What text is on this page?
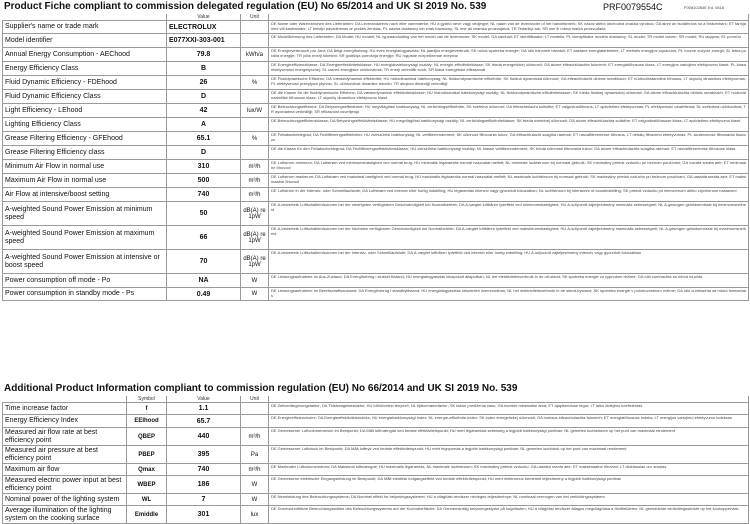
Product Fiche compliant to commission delegated regulation (EU) No 65/2014 and UK SI 2019 No. 539	PRF0079554C	F00810284E Ed. 0618
	Value	Unit	
Supplier's name or trade mark	ELECTROLUX		DE Name oder Warenzeichen des Lieferanten; DA Leverandørens navn eller varemærke; HU a gyártó neve vagy védjegye; NL naam van de leverancier of het handelsmerk; SK názov alebo obchodná značka výrobcu; GA ainm an tsoláthróra nó a thrádmharc; ET tarnija nimi või kaubamärk; LT tiekėjo pavadinimas ar prekės ženklas; PL nazwa dostawcy lub znak towarowy; SL ime ali znamka proizvajalca; TR Tedarikçi adı; SR ime ili robna marka proizvođača
Model identifier	E077XXI-303-001		DE Modellkennung des Lieferanten; DA Model; HU modell; NL typeaanduiding van het model van de leverancier; SK model; GA samhail; ET identifikaator; LT modelis; PL identyfikator modelu dostawcy; SL model; TR model tanımı; SR model; RU модель; EL μοντέλο
Annual Energy Consumption - AEChood	79.8	kWh/a	DE Energieverbrauch pro Jahr; DA årligt energiforbrug; HU éves energiafogyasztás; NL jaarlijks energieverbruik; SK ročná spotreba energie; GA ídiú fuinnimh bliantúil; ET aastane energiatarbimine; LT metinės energijos sąnaudos; PL roczne zużycie energii; SL letna poraba energije; TR yıllık enerji tüketimi; SR godišnja potrošnja energije; RU годовое потребление энергии
Energy Efficiency Class	B		DE Energieeffizienzklasse; DA Energieeffektivitetsklasse; HU energiahatékonysági osztály; NL energie-efficiëntieklasse; SK trieda energetickej účinnosti; GA aicme éifeachtúlachta fuinnimh; ET energiatõhususe klass; LT energijos vartojimo efektyvumo klasė; PL klasa efektywności energetycznej; SL razred energijske učinkovitosti; TR enerji verimlilik sınıfı; SR klasa energetske efikasnosti
Fluid Dynamic Efficiency - FDEhood	26	%	DE Fluiddynamische Effizienz; DA Væskedynamisk effektivitet; HU hidrodinamikai hatékonyság; NL fluïdumdynamische efficiëntie; SK fluidná dynamická účinnosť; GA éifeachtúlacht dinimic sreabhach; ET hüdrodünaamiline tõhusus; LT skysčių dinamikos efektyvumas; PL efektywność przepływu płynów; SL učinkovitost dinamike tekočin; TR akışkan dinamiği verimliliği
Fluid Dynamic Efficiency Class	D		DE die Klasse für die fluiddynamische Effizienz; DA væskedynamisk effektivitetsklasse; HU hidrodinamikai hatékonysági osztály; NL fluïdumdynamische-efficiëntieklasse; SK trieda fluidnej dynamickej účinnosti; GA aicme éifeachtúlachta dinimic sreabhach; ET hüdrodünaamilise tõhususe klass; LT skysčių dinamikos efektyvumo klasė
Light Efficiency - LEhood	42	lux/W	DE Beleuchtungseffizienz; DA Belysningseffektivitet; HU megvilágítási hatékonyság; NL verlichtingsefficiëntie; SK svetelná účinnosť; GA éifeachtúlacht soilsithe; ET valgustustõhusus; LT apšvietimo efektyvumas; PL efektywność oświetlenia; SL svetlobna učinkovitost; TR aydınlatma verimliliği; SR efikasnost osvetljenja
Lighting Efficiency Class	A		DE Beleuchtungseffizienzklasse; DA Belysningseffektivitetsklasse; HU megvilágítási hatékonysági osztály; NL verlichtingsefficiëntieklasse; SK trieda svetelnej účinnosti; GA aicme éifeachtúlachta soilsithe; ET valgustustõhususe klass; LT apšvietimo efektyvumo klasė
Grease Filtering Efficiency - GFEhood	65.1	%	DE Fettabscheidegrad; DA Fedtfiltreringseffektivitet; HU zsírszűrési hatékonyság; NL vetfilterrendement; SK účinnosť filtrovania tukov; GA éifeachtúlacht scagtha ramhair; ET rasvafiltreerimise tõhusus; LT riebalų filtravimo efektyvumas; PL skuteczność filtrowania tłuszczu
Grease Filtering Efficiency class	D		DE die Klasse für den Fettabscheidegrad; DA Fedtfiltreringseffektivitetsklasse; HU zsírszűrési hatékonysági osztály; NL klasse vetfilterrendement; SK trieda účinnosti filtrovania tukov; GA aicme éifeachtúlachta scagtha ramhair; ET rasvafiltreerimise tõhususe klass
Minimum Air Flow in normal use	310	m³/h	DE Luftstrom minimum; DA Luftstrøm ved minimumshastighed ved normal brug; HU minimális légáramlás normál használat mellett; NL minimale luchtstroom bij normaal gebruik; SK minimálny prietok vzduchu pri bežnom používaní; GA íosrata sreafa aeir; ET minimaalne õhuvool
Maximum Air Flow in normal use	500	m³/h	DE Luftstrom maximum; DA Luftstrøm ved maksimal hastighed ved normal brug; HU maximális légáramlás normál használat mellett; NL maximale luchtstroom bij normaal gebruik; SK maximálny prietok vzduchu pri bežnom používaní; GA uasráta sreafa aeir; ET maksimaalne õhuvool
Air Flow at intensive/boost setting	740	m³/h	DE Luftstrom in der Intensiv- oder Schnelllaufstufe; DA Luftstrøm ved intensiv eller hurtig indstilling; HU légáramlás intenzív vagy gyorsított fokozatban; NL luchtstroom bij intensieve of boostinstelling; SK prietok vzduchu pri intenzívnom alebo zrýchlenom nastavení
A-weighted Sound Power Emission at minimum speed	50	dB(A) re 1pW	DE A-bewertete Luftschallemissionen bei der niedrigsten verfügbaren Geschwindigkeit bei Normalbetrieb; DA A-vægtet luftbåren lydeffekt ved minimumshastighed; HU A-súlyozott zajteljesítmény minimális sebességnél; NL A-gewogen geluidsemissie bij minimumsnelheid
A-weighted Sound Power Emission at maximum speed	66	dB(A) re 1pW	DE A-bewertete Luftschallemissionen bei der höchsten verfügbaren Geschwindigkeit bei Normalbetrieb; DA A-vægtet luftbåren lydeffekt ved maksimumshastighed; HU A-súlyozott zajteljesítmény maximális sebességnél; NL A-gewogen geluidsemissie bij maximumsnelheid
A-weighted Sound Power Emission at intensive or boost speed	70	dB(A) re 1pW	DE A-bewertete Luftschallemissionen bei der Intensiv- oder Schnelllaufstufe; DA A-vægtet luftbåren lydeffekt ved intensiv eller hurtig indstilling; HU A-súlyozott zajteljesítmény intenzív vagy gyorsított fokozatban
Power consumption off mode - Po	NA	W	DE Leistungsaufnahme im Aus-Zustand; DA Energiforbrug i slukket tilstand; HU energiafogyasztás kikapcsolt állapotban; NL het elektriciteitsverbruik in de uit-stand; SK spotreba energie vo vypnutom režime; GA ídiú cumhachta sa mhód múchta
Power consumption in standby mode - Ps	0.49	W	DE Leistungsaufnahme im Bereitschaftszustand; DA Energiforbrug i standbytilstand; HU energiafogyasztás készenléti üzemmódban; NL het elektriciteitsverbruik in de stand-bystand; SK spotreba energie v pohotovostnom režime; GA ídiú cumhachta sa mhód fuireachais
Additional Product Information compliant to commission regulation (EU) No 66/2014 and UK SI 2019 No. 539
	Symbol	Value	Unit	
Time increase factor	f	1.1		DE Zeitverlängerungsfaktor; DA Tidsforøgelsesfaktor; HU időnövelési tényező; NL tijdtoenamefactor; SK faktor predĺženia času; GA fachtóir méadaithe ama; ET ajapikenduse tegur; LT laiko didėjimo koeficientas
Energy Efficiency Index	EEIhood	65.7		DE Energieeffizienzindex; DA Energieeffektivitetsindeks; HU energiahatékonysági index; NL energie-efficiëntie-index; SK index energetickej účinnosti; GA innéacs éifeachtúlachta fuinnimh; ET energiatõhususe indeks; LT energijos vartojimo efektyvumo indeksas
Measured air flow rate at best efficiency point	QBEP	440	m³/h	DE Gemessener Luftvolumenstrom im Bestpunkt; DA Målt luftmængde ved bedste effektivitetspunkt; HU mért légáramlási sebesség a legjobb hatékonysági pontban; NL gemeten luchtstroom op het punt van maximaal rendement
Measured air pressure at best efficiency point	PBEP	395	Pa	DE Gemessener Luftdruck im Bestpunkt; DA Målt lufttryk ved bedste effektivitetspunkt; HU mért légnyomás a legjobb hatékonysági pontban; NL gemeten luchtdruk op het punt van maximaal rendement
Maximum air flow	Qmax	740	m³/h	DE Maximaler Luftvolumenstrom; DA Maksimal luftmængde; HU maximális légáramlás; NL maximale luchtstroom; SK maximálny prietok vzduchu; GA uasráta sreafa aeir; ET maksimaalne õhuvool; LT didžiausias oro srautas
Measured electric power input at best efficiency point	WBEP	186	W	DE Gemessene elektrische Eingangsleistung im Bestpunkt; DA Målt elektrisk indgangseffekt ved bedste effektivitetspunkt; HU mért elektromos bemeneti teljesítmény a legjobb hatékonysági pontban
Nominal power of the lighting system	WL	7	W	DE Nennleistung des Beleuchtungssystems; DA Nominel effekt for belysningssystemet; HU a világítási rendszer névleges teljesítménye; NL nominaal vermogen van het verlichtingssysteem
Average illumination of the lighting system on the cooking surface	Emiddle	301	lux	DE Durchschnittliche Beleuchtungsstärke des Beleuchtungssystems auf der Kochoberfläche; DA Gennemsnitlig belysningsstyrke på kogefladen; HU a világítási rendszer átlagos megvilágítása a főzőfelületen; NL gemiddelde verlichtingssterkte op het kookoppervlak
